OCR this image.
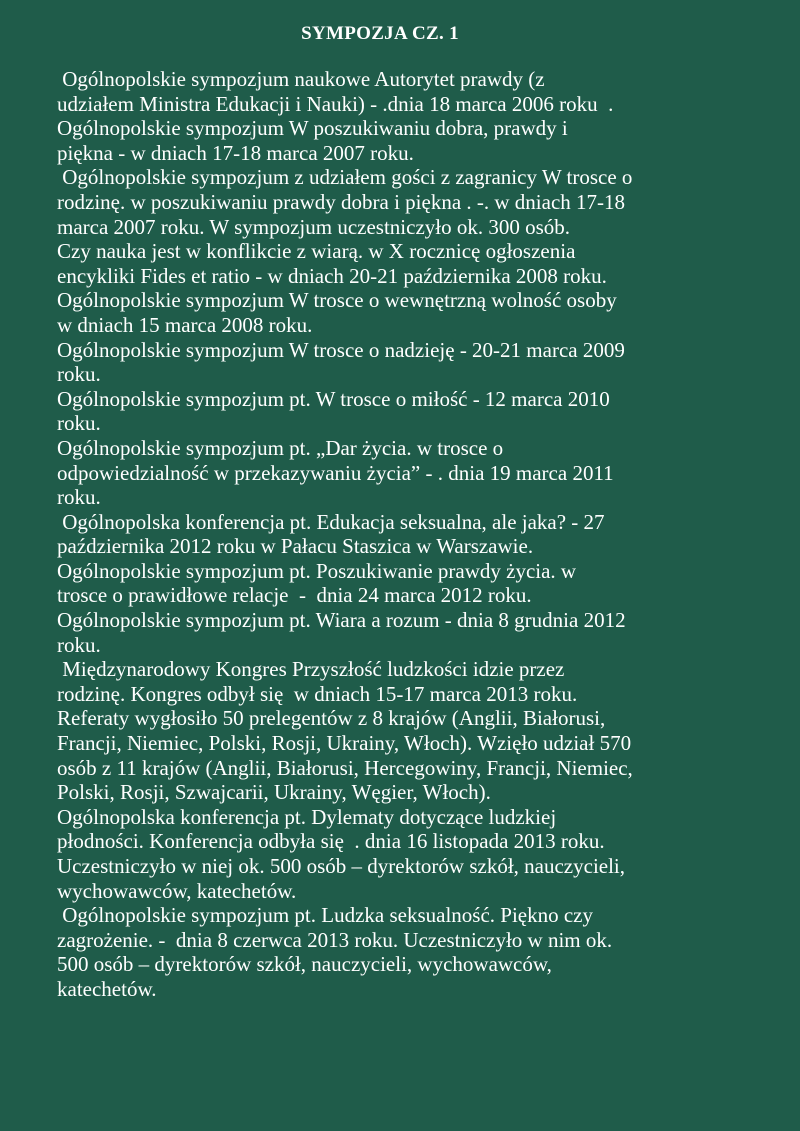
SYMPOZJA CZ. 1

Ogólnopolskie sympozjum naukowe Autorytet prawdy (z
udziałem Ministra Edukacji i Nauki) - .dnia 18 marca 2006 roku  .

Ogólnopolskie sympozjum W poszukiwaniu dobra, prawdy i
piękna - w dniach 17-18 marca 2007 roku.

Ogólnopolskie sympozjum z udziałem gości z zagranicy W trosce o
rodzinę. w poszukiwaniu prawdy dobra i piękna . -. w dniach 17-18
marca 2007 roku. W sympozjum uczestniczyło ok. 300 osób.

Czy nauka jest w konflikcie z wiarą. w X rocznicę ogłoszenia
encykliki Fides et ratio - w dniach 20-21 października 2008 roku.

Ogólnopolskie sympozjum W trosce o wewnętrzną wolność osoby
w dniach 15 marca 2008 roku.

Ogólnopolskie sympozjum W trosce o nadzieję - 20-21 marca 2009
roku.

Ogólnopolskie sympozjum pt. W trosce o miłość - 12 marca 2010
roku.

Ogólnopolskie sympozjum pt. „Dar życia. w trosce o
odpowiedzialność w przekazywaniu życia” - . dnia 19 marca 2011
roku.

Ogólnopolska konferencja pt. Edukacja seksualna, ale jaka? - 27
października 2012 roku w Pałacu Staszica w Warszawie.

Ogólnopolskie sympozjum pt. Poszukiwanie prawdy życia. w
trosce o prawidłowe relacje  -  dnia 24 marca 2012 roku.

Ogólnopolskie sympozjum pt. Wiara a rozum - dnia 8 grudnia 2012
roku.

Międzynarodowy Kongres Przyszłość ludzkości idzie przez
rodzinę. Kongres odbył się  w dniach 15-17 marca 2013 roku.
Referaty wygłosiło 50 prelegentów z 8 krajów (Anglii, Białorusi,
Francji, Niemiec, Polski, Rosji, Ukrainy, Włoch). Wzięło udział 570
osób z 11 krajów (Anglii, Białorusi, Hercegowiny, Francji, Niemiec,
Polski, Rosji, Szwajcarii, Ukrainy, Węgier, Włoch).

Ogólnopolska konferencja pt. Dylematy dotyczące ludzkiej
płodności. Konferencja odbyła się  . dnia 16 listopada 2013 roku.
Uczestniczyło w niej ok. 500 osób – dyrektorów szkół, nauczycieli,
wychowawców, katechetów.

Ogólnopolskie sympozjum pt. Ludzka seksualność. Piękno czy
zagrożenie. -  dnia 8 czerwca 2013 roku. Uczestniczyło w nim ok.
500 osób – dyrektorów szkół, nauczycieli, wychowawców,
katechetów.
